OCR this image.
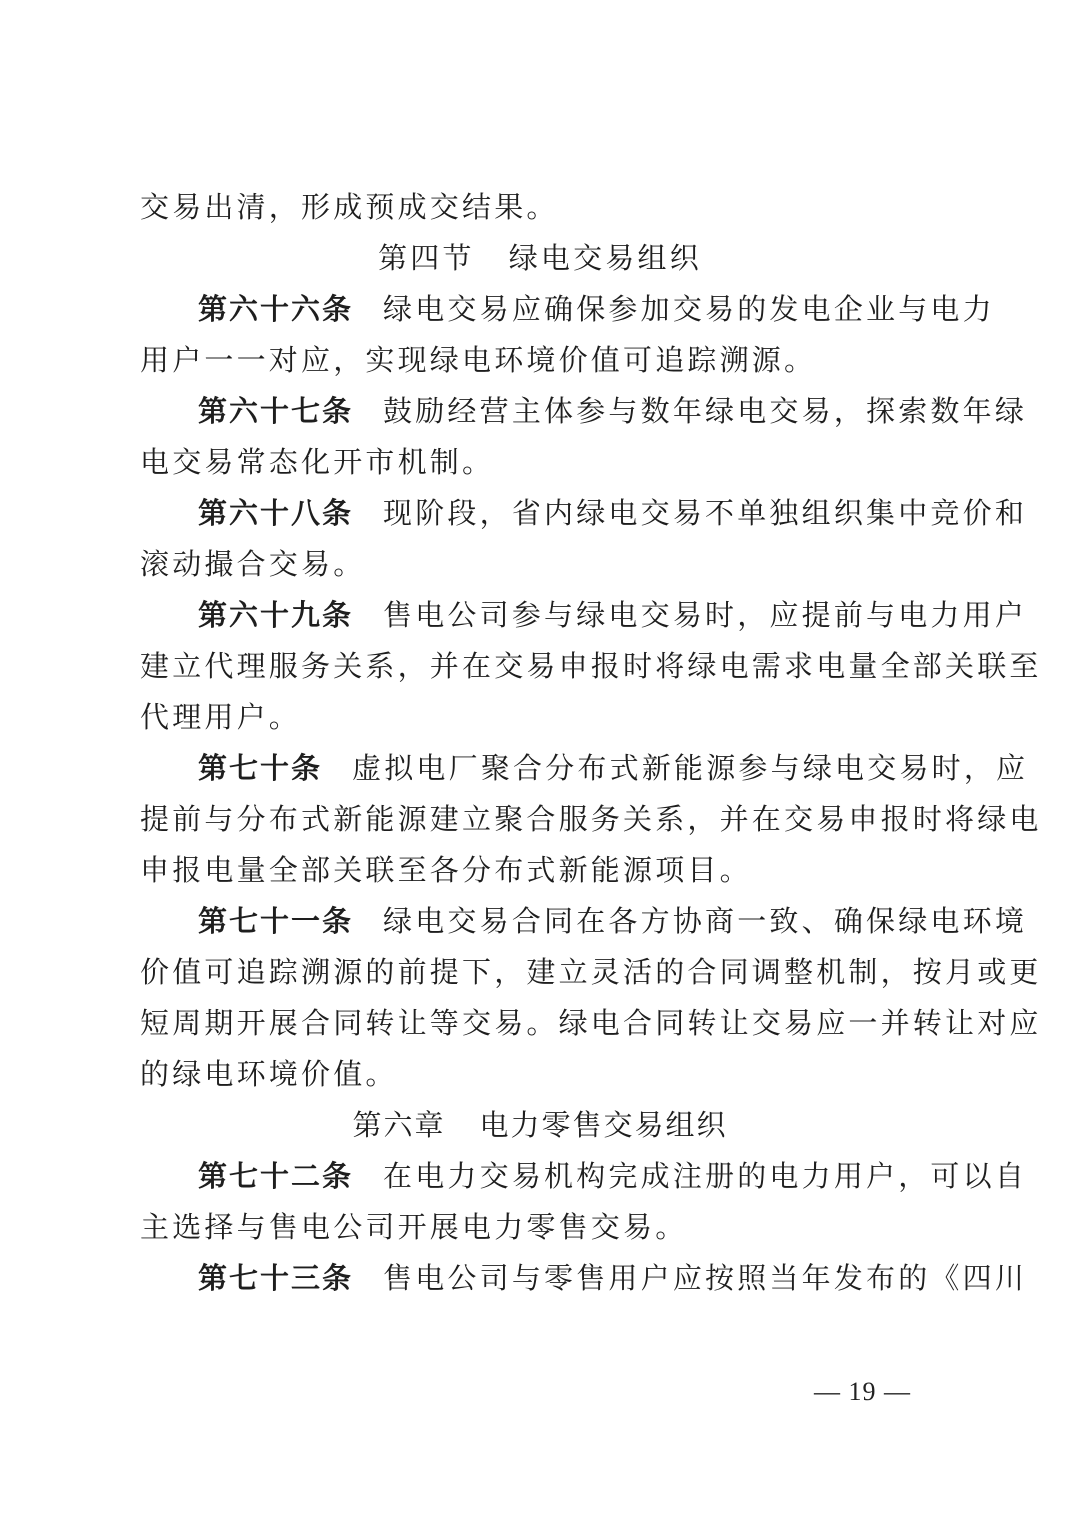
交易出清，形成预成交结果。
第四节 绿电交易组织
第六十六条 绿电交易应确保参加交易的发电企业与电力
用户一一对应，实现绿电环境价值可追踪溯源。
第六十七条 鼓励经营主体参与数年绿电交易，探索数年绿
电交易常态化开市机制。
第六十八条 现阶段，省内绿电交易不单独组织集中竞价和
滚动撮合交易。
第六十九条 售电公司参与绿电交易时，应提前与电力用户
建立代理服务关系，并在交易申报时将绿电需求电量全部关联至
代理用户。
第七十条 虚拟电厂聚合分布式新能源参与绿电交易时，应
提前与分布式新能源建立聚合服务关系，并在交易申报时将绿电
申报电量全部关联至各分布式新能源项目。
第七十一条 绿电交易合同在各方协商一致、确保绿电环境
价值可追踪溯源的前提下，建立灵活的合同调整机制，按月或更
短周期开展合同转让等交易。绿电合同转让交易应一并转让对应
的绿电环境价值。
第六章 电力零售交易组织
第七十二条 在电力交易机构完成注册的电力用户，可以自
主选择与售电公司开展电力零售交易。
第七十三条 售电公司与零售用户应按照当年发布的《四川
— 19 —
